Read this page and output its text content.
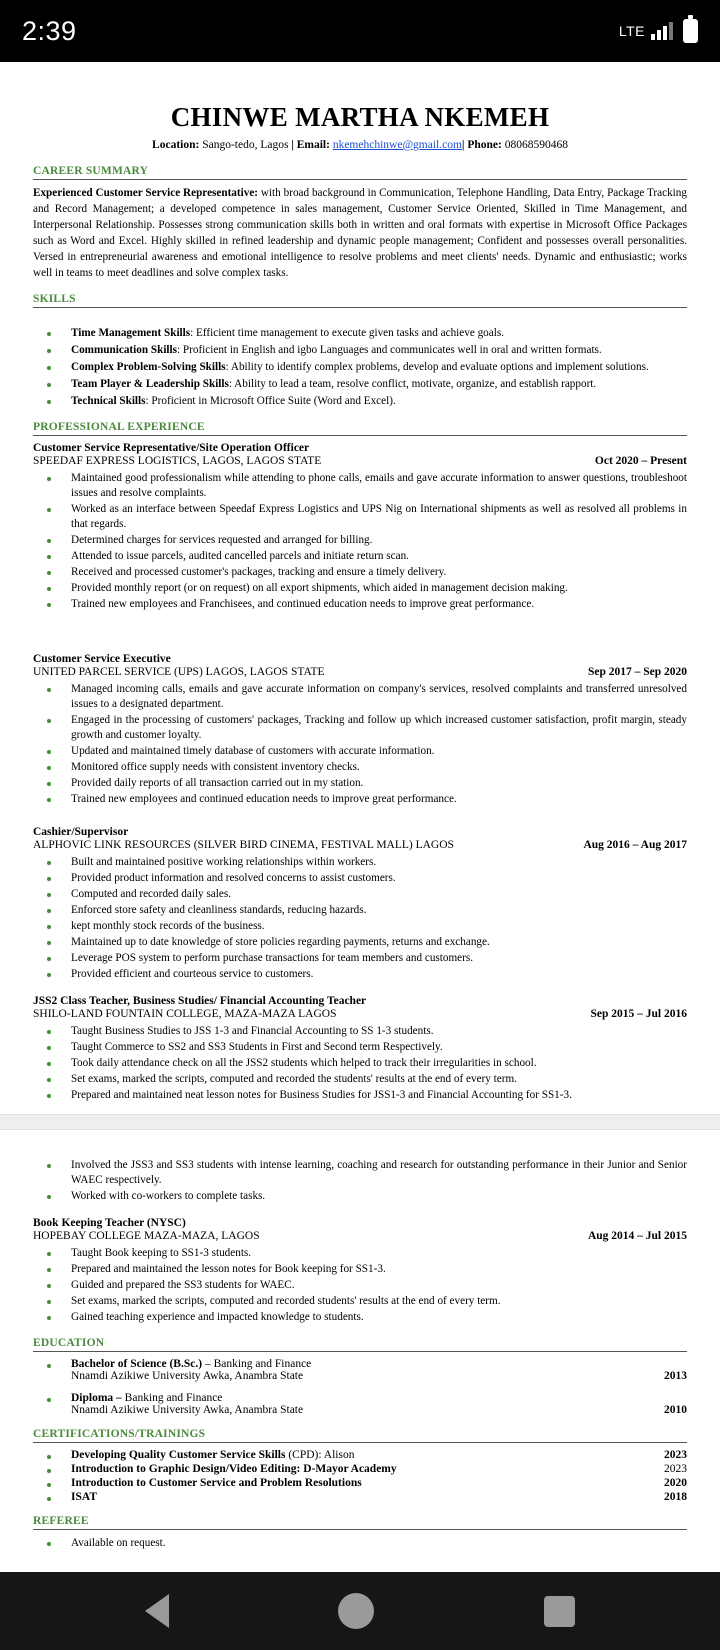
2:39	LTE
CHINWE MARTHA NKEMEH
Location: Sango-tedo, Lagos | Email: nkemehchinwe@gmail.com| Phone: 08068590468
CAREER SUMMARY
Experienced Customer Service Representative: with broad background in Communication, Telephone Handling, Data Entry, Package Tracking and Record Management; a developed competence in sales management, Customer Service Oriented, Skilled in Time Management, and Interpersonal Relationship. Possesses strong communication skills both in written and oral formats with expertise in Microsoft Office Packages such as Word and Excel. Highly skilled in refined leadership and dynamic people management; Confident and possesses overall personalities. Versed in entrepreneurial awareness and emotional intelligence to resolve problems and meet clients' needs. Dynamic and enthusiastic; works well in teams to meet deadlines and solve complex tasks.
SKILLS
Time Management Skills: Efficient time management to execute given tasks and achieve goals.
Communication Skills: Proficient in English and igbo Languages and communicates well in oral and written formats.
Complex Problem-Solving Skills: Ability to identify complex problems, develop and evaluate options and implement solutions.
Team Player & Leadership Skills: Ability to lead a team, resolve conflict, motivate, organize, and establish rapport.
Technical Skills: Proficient in Microsoft Office Suite (Word and Excel).
PROFESSIONAL EXPERIENCE
Customer Service Representative/Site Operation Officer
SPEEDAF EXPRESS LOGISTICS, LAGOS, LAGOS STATE	Oct 2020 – Present
Maintained good professionalism while attending to phone calls, emails and gave accurate information to answer questions, troubleshoot issues and resolve complaints.
Worked as an interface between Speedaf Express Logistics and UPS Nig on International shipments as well as resolved all problems in that regards.
Determined charges for services requested and arranged for billing.
Attended to issue parcels, audited cancelled parcels and initiate return scan.
Received and processed customer's packages, tracking and ensure a timely delivery.
Provided monthly report (or on request) on all export shipments, which aided in management decision making.
Trained new employees and Franchisees, and continued education needs to improve great performance.
Customer Service Executive
UNITED PARCEL SERVICE (UPS) LAGOS, LAGOS STATE	Sep 2017 – Sep 2020
Managed incoming calls, emails and gave accurate information on company's services, resolved complaints and transferred unresolved issues to a designated department.
Engaged in the processing of customers' packages, Tracking and follow up which increased customer satisfaction, profit margin, steady growth and customer loyalty.
Updated and maintained timely database of customers with accurate information.
Monitored office supply needs with consistent inventory checks.
Provided daily reports of all transaction carried out in my station.
Trained new employees and continued education needs to improve great performance.
Cashier/Supervisor
ALPHOVIC LINK RESOURCES (SILVER BIRD CINEMA, FESTIVAL MALL) LAGOS	Aug 2016 – Aug 2017
Built and maintained positive working relationships within workers.
Provided product information and resolved concerns to assist customers.
Computed and recorded daily sales.
Enforced store safety and cleanliness standards, reducing hazards.
kept monthly stock records of the business.
Maintained up to date knowledge of store policies regarding payments, returns and exchange.
Leverage POS system to perform purchase transactions for team members and customers.
Provided efficient and courteous service to customers.
JSS2 Class Teacher, Business Studies/ Financial Accounting Teacher
SHILO-LAND FOUNTAIN COLLEGE, MAZA-MAZA LAGOS	Sep 2015 – Jul 2016
Taught Business Studies to JSS 1-3 and Financial Accounting to SS 1-3 students.
Taught Commerce to SS2 and SS3 Students in First and Second term Respectively.
Took daily attendance check on all the JSS2 students which helped to track their irregularities in school.
Set exams, marked the scripts, computed and recorded the students' results at the end of every term.
Prepared and maintained neat lesson notes for Business Studies for JSS1-3 and Financial Accounting for SS1-3.
Involved the JSS3 and SS3 students with intense learning, coaching and research for outstanding performance in their Junior and Senior WAEC respectively.
Worked with co-workers to complete tasks.
Book Keeping Teacher (NYSC)
HOPEBAY COLLEGE MAZA-MAZA, LAGOS	Aug 2014 – Jul 2015
Taught Book keeping to SS1-3 students.
Prepared and maintained the lesson notes for Book keeping for SS1-3.
Guided and prepared the SS3 students for WAEC.
Set exams, marked the scripts, computed and recorded students' results at the end of every term.
Gained teaching experience and impacted knowledge to students.
EDUCATION
Bachelor of Science (B.Sc.) – Banking and Finance
Nnamdi Azikiwe University Awka, Anambra State	2013
Diploma – Banking and Finance
Nnamdi Azikiwe University Awka, Anambra State	2010
CERTIFICATIONS/TRAININGS
Developing Quality Customer Service Skills (CPD): Alison	2023
Introduction to Graphic Design/Video Editing: D-Mayor Academy	2023
Introduction to Customer Service and Problem Resolutions	2020
ISAT	2018
REFEREE
Available on request.
